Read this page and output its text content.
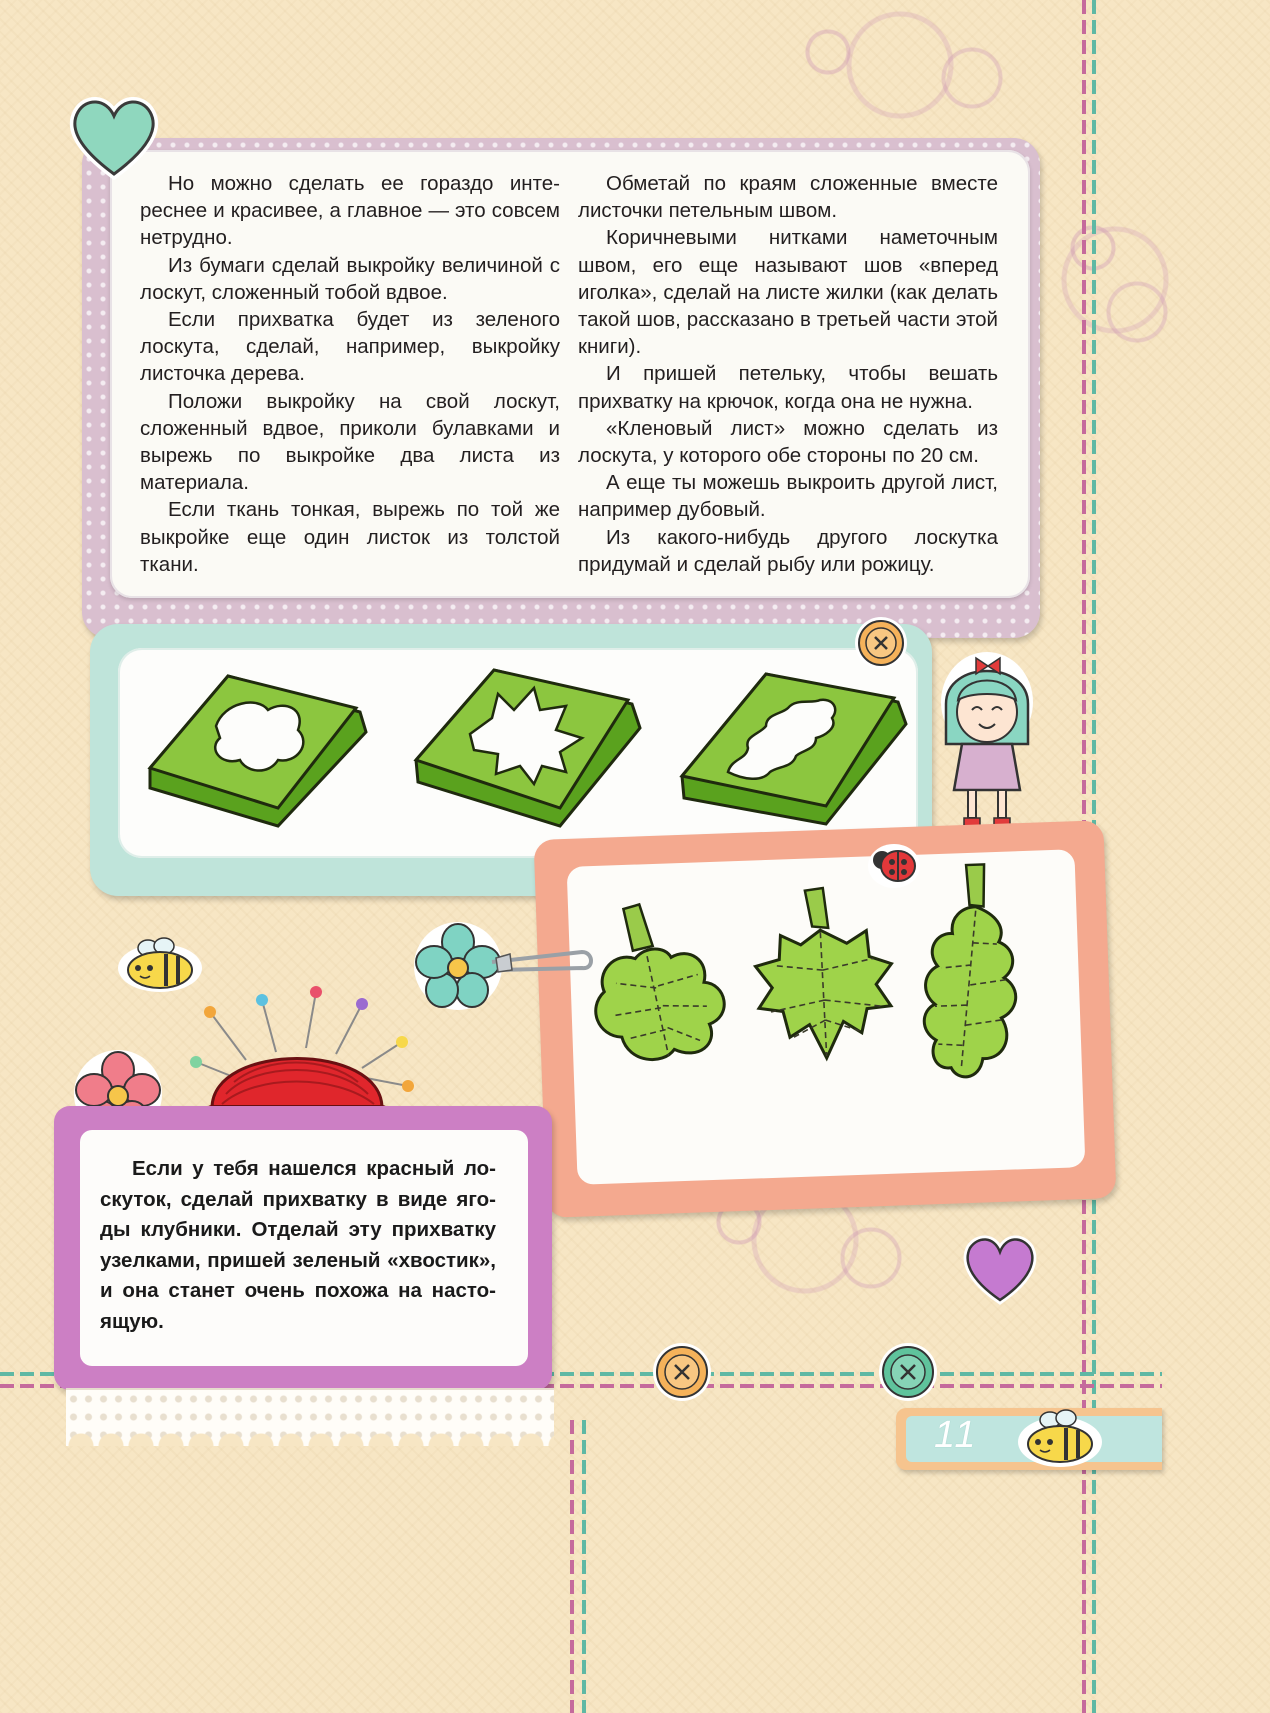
Но можно сделать ее гораздо интереснее и красивее, а главное — это совсем нетрудно.

Из бумаги сделай выкройку величиной с лоскут, сложенный тобой вдвое.

Если прихватка будет из зеленого лоскута, сделай, например, выкройку листочка дерева.

Положи выкройку на свой лоскут, сложенный вдвое, приколи булавками и вырежь по выкройке два листа из материала.

Если ткань тонкая, вырежь по той же выкройке еще один листок из толстой ткани.

Обметай по краям сложенные вместе листочки петельным швом.

Коричневыми нитками наметочным швом, его еще называют шов «вперед иголка», сделай на листе жилки (как делать такой шов, рассказано в третьей части этой книги).

И пришей петельку, чтобы вешать прихватку на крючок, когда она не нужна.

«Кленовый лист» можно сделать из лоскута, у которого обе стороны по 20 см.

А еще ты можешь выкроить другой лист, например дубовый.

Из какого-нибудь другого лоскутка придумай и сделай рыбу или рожицу.

Если у тебя нашелся красный лоскуток, сделай прихватку в виде ягоды клубники. Отделай эту прихватку узелками, пришей зеленый «хвостик», и она станет очень похожа на настоящую.

11
